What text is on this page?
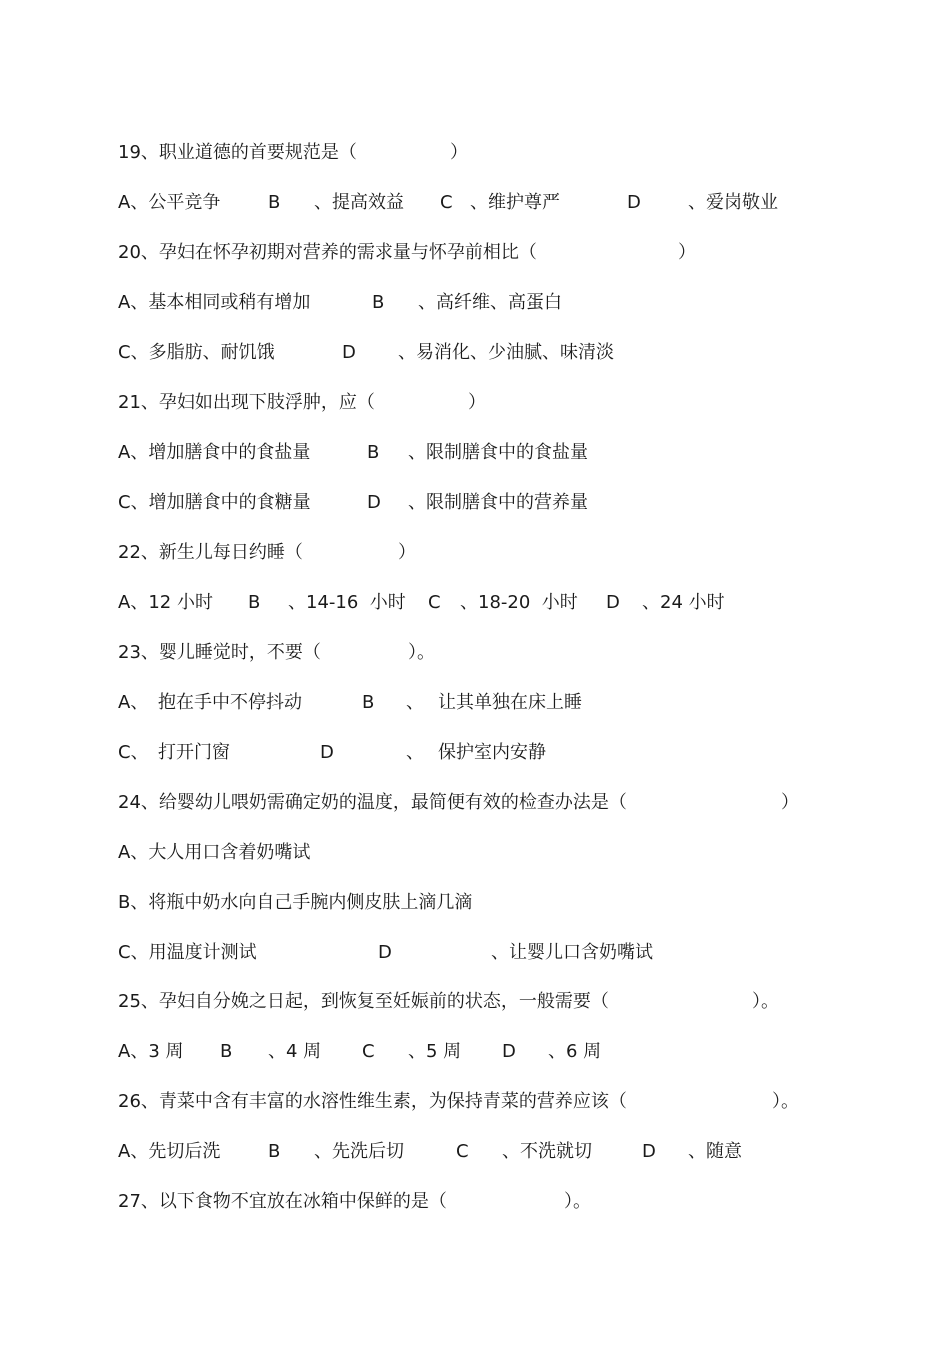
19、职业道德的首要规范是（	）
A、公平竞争	B 、提高效益 C 、维护尊严	D	、爱岗敬业
20、孕妇在怀孕初期对营养的需求量与怀孕前相比（	）
A、基本相同或稍有增加	B 、高纤维、高蛋白
C、多脂肪、耐饥饿	D 、易消化、少油腻、味清淡
21、孕妇如出现下肢浮肿，应（	）
A、增加膳食中的食盐量	B 、限制膳食中的食盐量
C、增加膳食中的食糖量	D 、限制膳食中的营养量
22、新生儿每日约睡（	）
A、12 小时 B 、14-16  小时 C 、18-20  小时 D 、24 小时
23、婴儿睡觉时，不要（	）。
A、 抱在手中不停抖动	B 、 让其单独在床上睡
C、 打开门窗	D	、 保护室内安静
24、给婴幼儿喂奶需确定奶的温度，最简便有效的检查办法是（	）
A、大人用口含着奶嘴试
B、将瓶中奶水向自己手腕内侧皮肤上滴几滴
C、用温度计测试	D	、让婴儿口含奶嘴试
25、孕妇自分娩之日起，到恢复至妊娠前的状态，一般需要（	）。
A、3 周 B 、4 周 C 、5 周 D 、6 周
26、青菜中含有丰富的水溶性维生素，为保持青菜的营养应该（	）。
A、先切后洗	B 、先洗后切	C 、不洗就切	D 、随意
27、以下食物不宜放在冰箱中保鲜的是（	）。
